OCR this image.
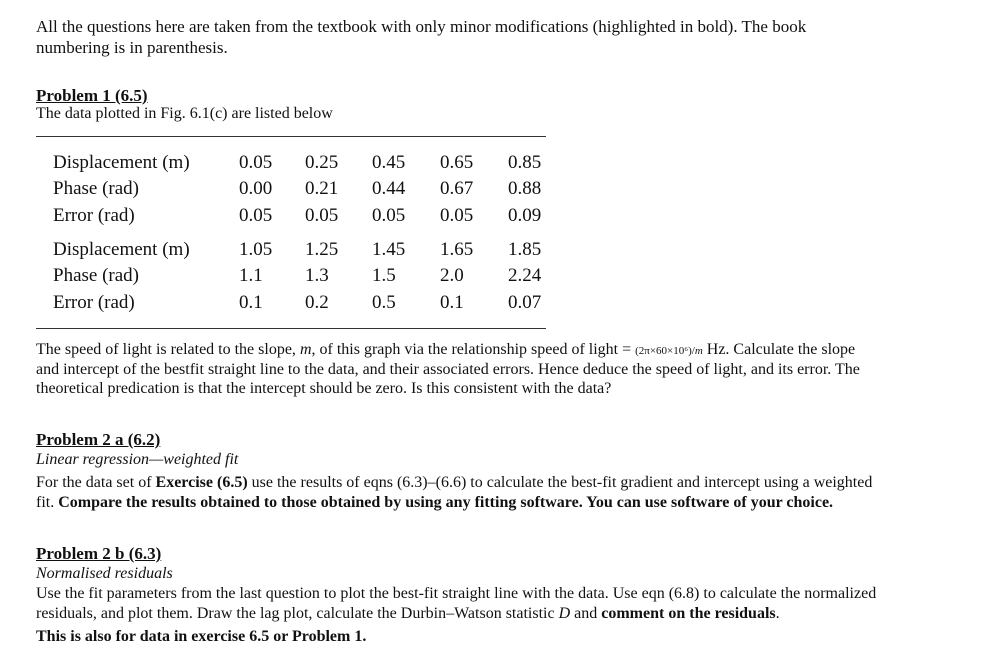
All the questions here are taken from the textbook with only minor modifications (highlighted in bold). The book
numbering is in parenthesis.
Problem 1 (6.5)
The data plotted in Fig. 6.1(c) are listed below
Displacement (m)	0.05 0.25 0.45 0.65 0.85
Phase (rad)	0.00 0.21 0.44 0.67 0.88
Error (rad)	0.05 0.05 0.05 0.05 0.09
Displacement (m)	1.05 1.25 1.45 1.65 1.85
Phase (rad)	1.1 1.3 1.5 2.0 2.24
Error (rad)	0.1 0.2 0.5 0.1 0.07
The speed of light is related to the slope, m, of this graph via the relationship speed of light = (2π×60×10⁶)/m Hz. Calculate the slope
and intercept of the bestfit straight line to the data, and their associated errors. Hence deduce the speed of light, and its error. The
theoretical predication is that the intercept should be zero. Is this consistent with the data?
Problem 2 a (6.2)
Linear regression—weighted fit
For the data set of Exercise (6.5) use the results of eqns (6.3)–(6.6) to calculate the best-fit gradient and intercept using a weighted
fit. Compare the results obtained to those obtained by using any fitting software. You can use software of your choice.
Problem 2 b (6.3)
Normalised residuals
Use the fit parameters from the last question to plot the best-fit straight line with the data. Use eqn (6.8) to calculate the normalized
residuals, and plot them. Draw the lag plot, calculate the Durbin–Watson statistic D and comment on the residuals.
This is also for data in exercise 6.5 or Problem 1.
